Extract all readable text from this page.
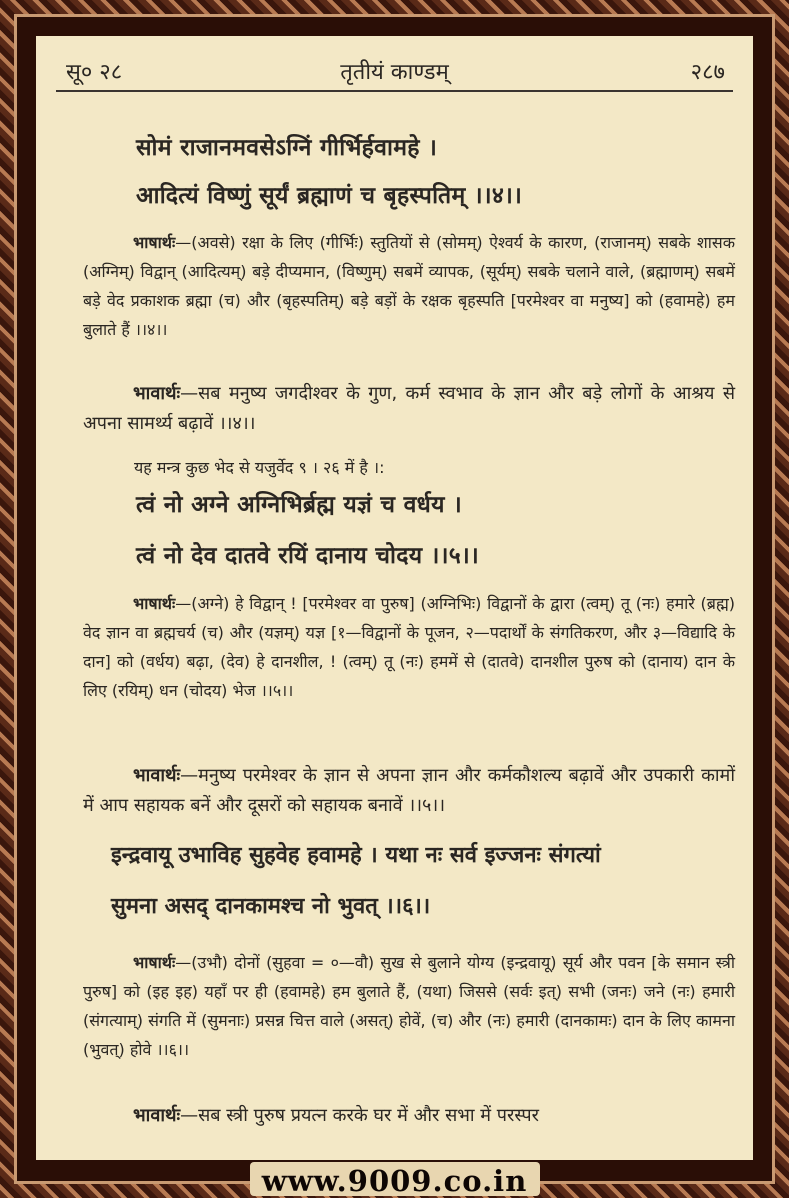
सू० २८	तृतीयं काण्डम्	२८७
सोमं राजानमवसेऽग्निं गीर्भिर्हवामहे ।
आदित्यं विष्णुं सूर्यं ब्रह्माणं च बृहस्पतिम् ।।४।।
भाषार्थः—(अवसे) रक्षा के लिए (गीर्भिः) स्तुतियों से (सोमम्) ऐश्वर्य के कारण, (राजानम्) सबके शासक (अग्निम्) विद्वान् (आदित्यम्) बड़े दीप्यमान, (विष्णुम्) सबमें व्यापक, (सूर्यम्) सबके चलाने वाले, (ब्रह्माणम्) सबमें बड़े वेद प्रकाशक ब्रह्मा (च) और (बृहस्पतिम्) बड़े बड़ों के रक्षक बृहस्पति [परमेश्वर वा मनुष्य] को (हवामहे) हम बुलाते हैं ।।४।।
भावार्थः—सब मनुष्य जगदीश्वर के गुण, कर्म स्वभाव के ज्ञान और बड़े लोगों के आश्रय से अपना सामर्थ्य बढ़ावें ।।४।।
यह मन्त्र कुछ भेद से यजुर्वेद ९ । २६ में है ।:
त्वं नो अग्ने अग्निभिर्ब्रह्म यज्ञं च वर्धय ।
त्वं नो देव दातवे रयिं दानाय चोदय ।।५।।
भाषार्थः—(अग्ने) हे विद्वान् ! [परमेश्वर वा पुरुष] (अग्निभिः) विद्वानों के द्वारा (त्वम्) तू (नः) हमारे (ब्रह्म) वेद ज्ञान वा ब्रह्मचर्य (च) और (यज्ञम्) यज्ञ [१—विद्वानों के पूजन, २—पदार्थों के संगतिकरण, और ३—विद्यादि के दान] को (वर्धय) बढ़ा, (देव) हे दानशील, ! (त्वम्) तू (नः) हममें से (दातवे) दानशील पुरुष को (दानाय) दान के लिए (रयिम्) धन (चोदय) भेज ।।५।।
भावार्थः—मनुष्य परमेश्वर के ज्ञान से अपना ज्ञान और कर्मकौशल्य बढ़ावें और उपकारी कामों में आप सहायक बनें और दूसरों को सहायक बनावें ।।५।।
इन्द्रवायू उभाविह सुहवेह हवामहे । यथा नः सर्व इज्जनः संगत्यां
सुमना असद् दानकामश्च नो भुवत् ।।६।।
भाषार्थः—(उभौ) दोनों (सुहवा = ०—वौ) सुख से बुलाने योग्य (इन्द्रवायू) सूर्य और पवन [के समान स्त्री पुरुष] को (इह इह) यहाँ पर ही (हवामहे) हम बुलाते हैं, (यथा) जिससे (सर्वः इत्) सभी (जनः) जने (नः) हमारी (संगत्याम्) संगति में (सुमनाः) प्रसन्न चित्त वाले (असत्) होवें, (च) और (नः) हमारी (दानकामः) दान के लिए कामना (भुवत्) होवे ।।६।।
भावार्थः—सब स्त्री पुरुष प्रयत्न करके घर में और सभा में परस्पर
www.9009.co.in
